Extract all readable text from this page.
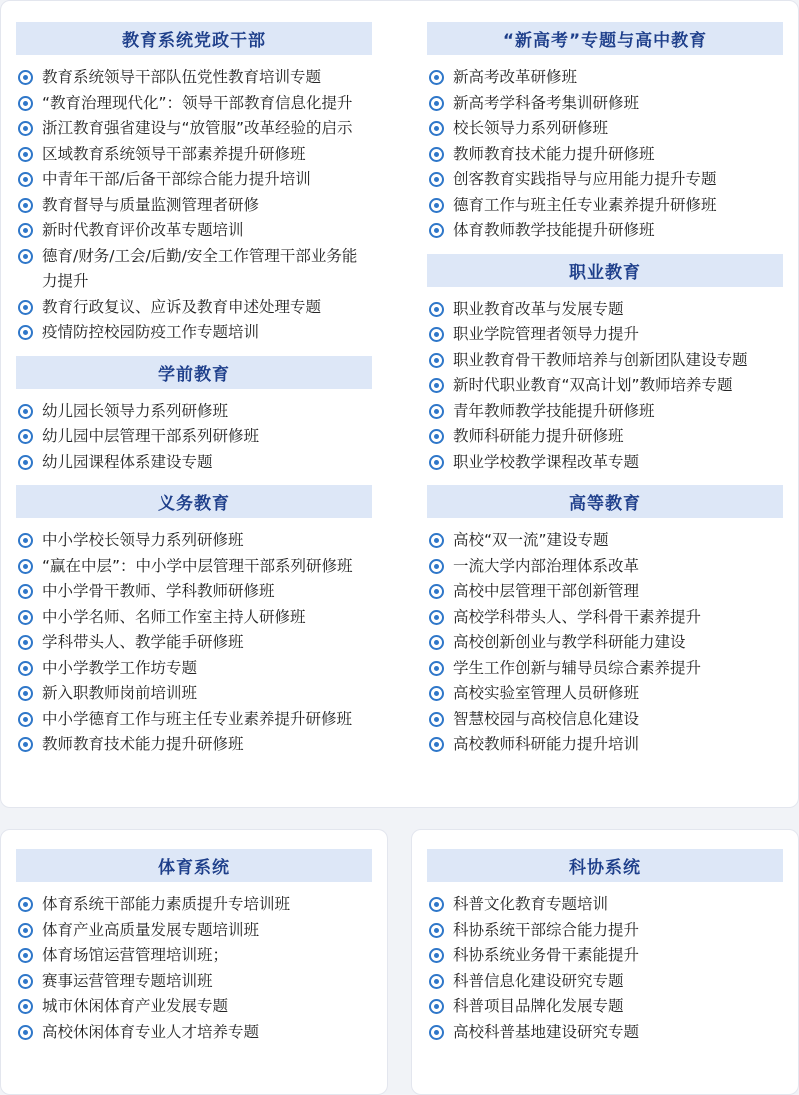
教育系统党政干部
教育系统领导干部队伍党性教育培训专题
“教育治理现代化”：领导干部教育信息化提升
浙江教育强省建设与“放管服”改革经验的启示
区域教育系统领导干部素养提升研修班
中青年干部/后备干部综合能力提升培训
教育督导与质量监测管理者研修
新时代教育评价改革专题培训
德育/财务/工会/后勤/安全工作管理干部业务能力提升
教育行政复议、应诉及教育申述处理专题
疫情防控校园防疫工作专题培训
学前教育
幼儿园长领导力系列研修班
幼儿园中层管理干部系列研修班
幼儿园课程体系建设专题
义务教育
中小学校长领导力系列研修班
“赢在中层”：中小学中层管理干部系列研修班
中小学骨干教师、学科教师研修班
中小学名师、名师工作室主持人研修班
学科带头人、教学能手研修班
中小学教学工作坊专题
新入职教师岗前培训班
中小学德育工作与班主任专业素养提升研修班
教师教育技术能力提升研修班
“新高考”专题与高中教育
新高考改革研修班
新高考学科备考集训研修班
校长领导力系列研修班
教师教育技术能力提升研修班
创客教育实践指导与应用能力提升专题
德育工作与班主任专业素养提升研修班
体育教师教学技能提升研修班
职业教育
职业教育改革与发展专题
职业学院管理者领导力提升
职业教育骨干教师培养与创新团队建设专题
新时代职业教育“双高计划”教师培养专题
青年教师教学技能提升研修班
教师科研能力提升研修班
职业学校教学课程改革专题
高等教育
高校“双一流”建设专题
一流大学内部治理体系改革
高校中层管理干部创新管理
高校学科带头人、学科骨干素养提升
高校创新创业与教学科研能力建设
学生工作创新与辅导员综合素养提升
高校实验室管理人员研修班
智慧校园与高校信息化建设
高校教师科研能力提升培训
体育系统
体育系统干部能力素质提升专培训班
体育产业高质量发展专题培训班
体育场馆运营管理培训班；
赛事运营管理专题培训班
城市休闲体育产业发展专题
高校休闲体育专业人才培养专题
科协系统
科普文化教育专题培训
科协系统干部综合能力提升
科协系统业务骨干素能提升
科普信息化建设研究专题
科普项目品牌化发展专题
高校科普基地建设研究专题
